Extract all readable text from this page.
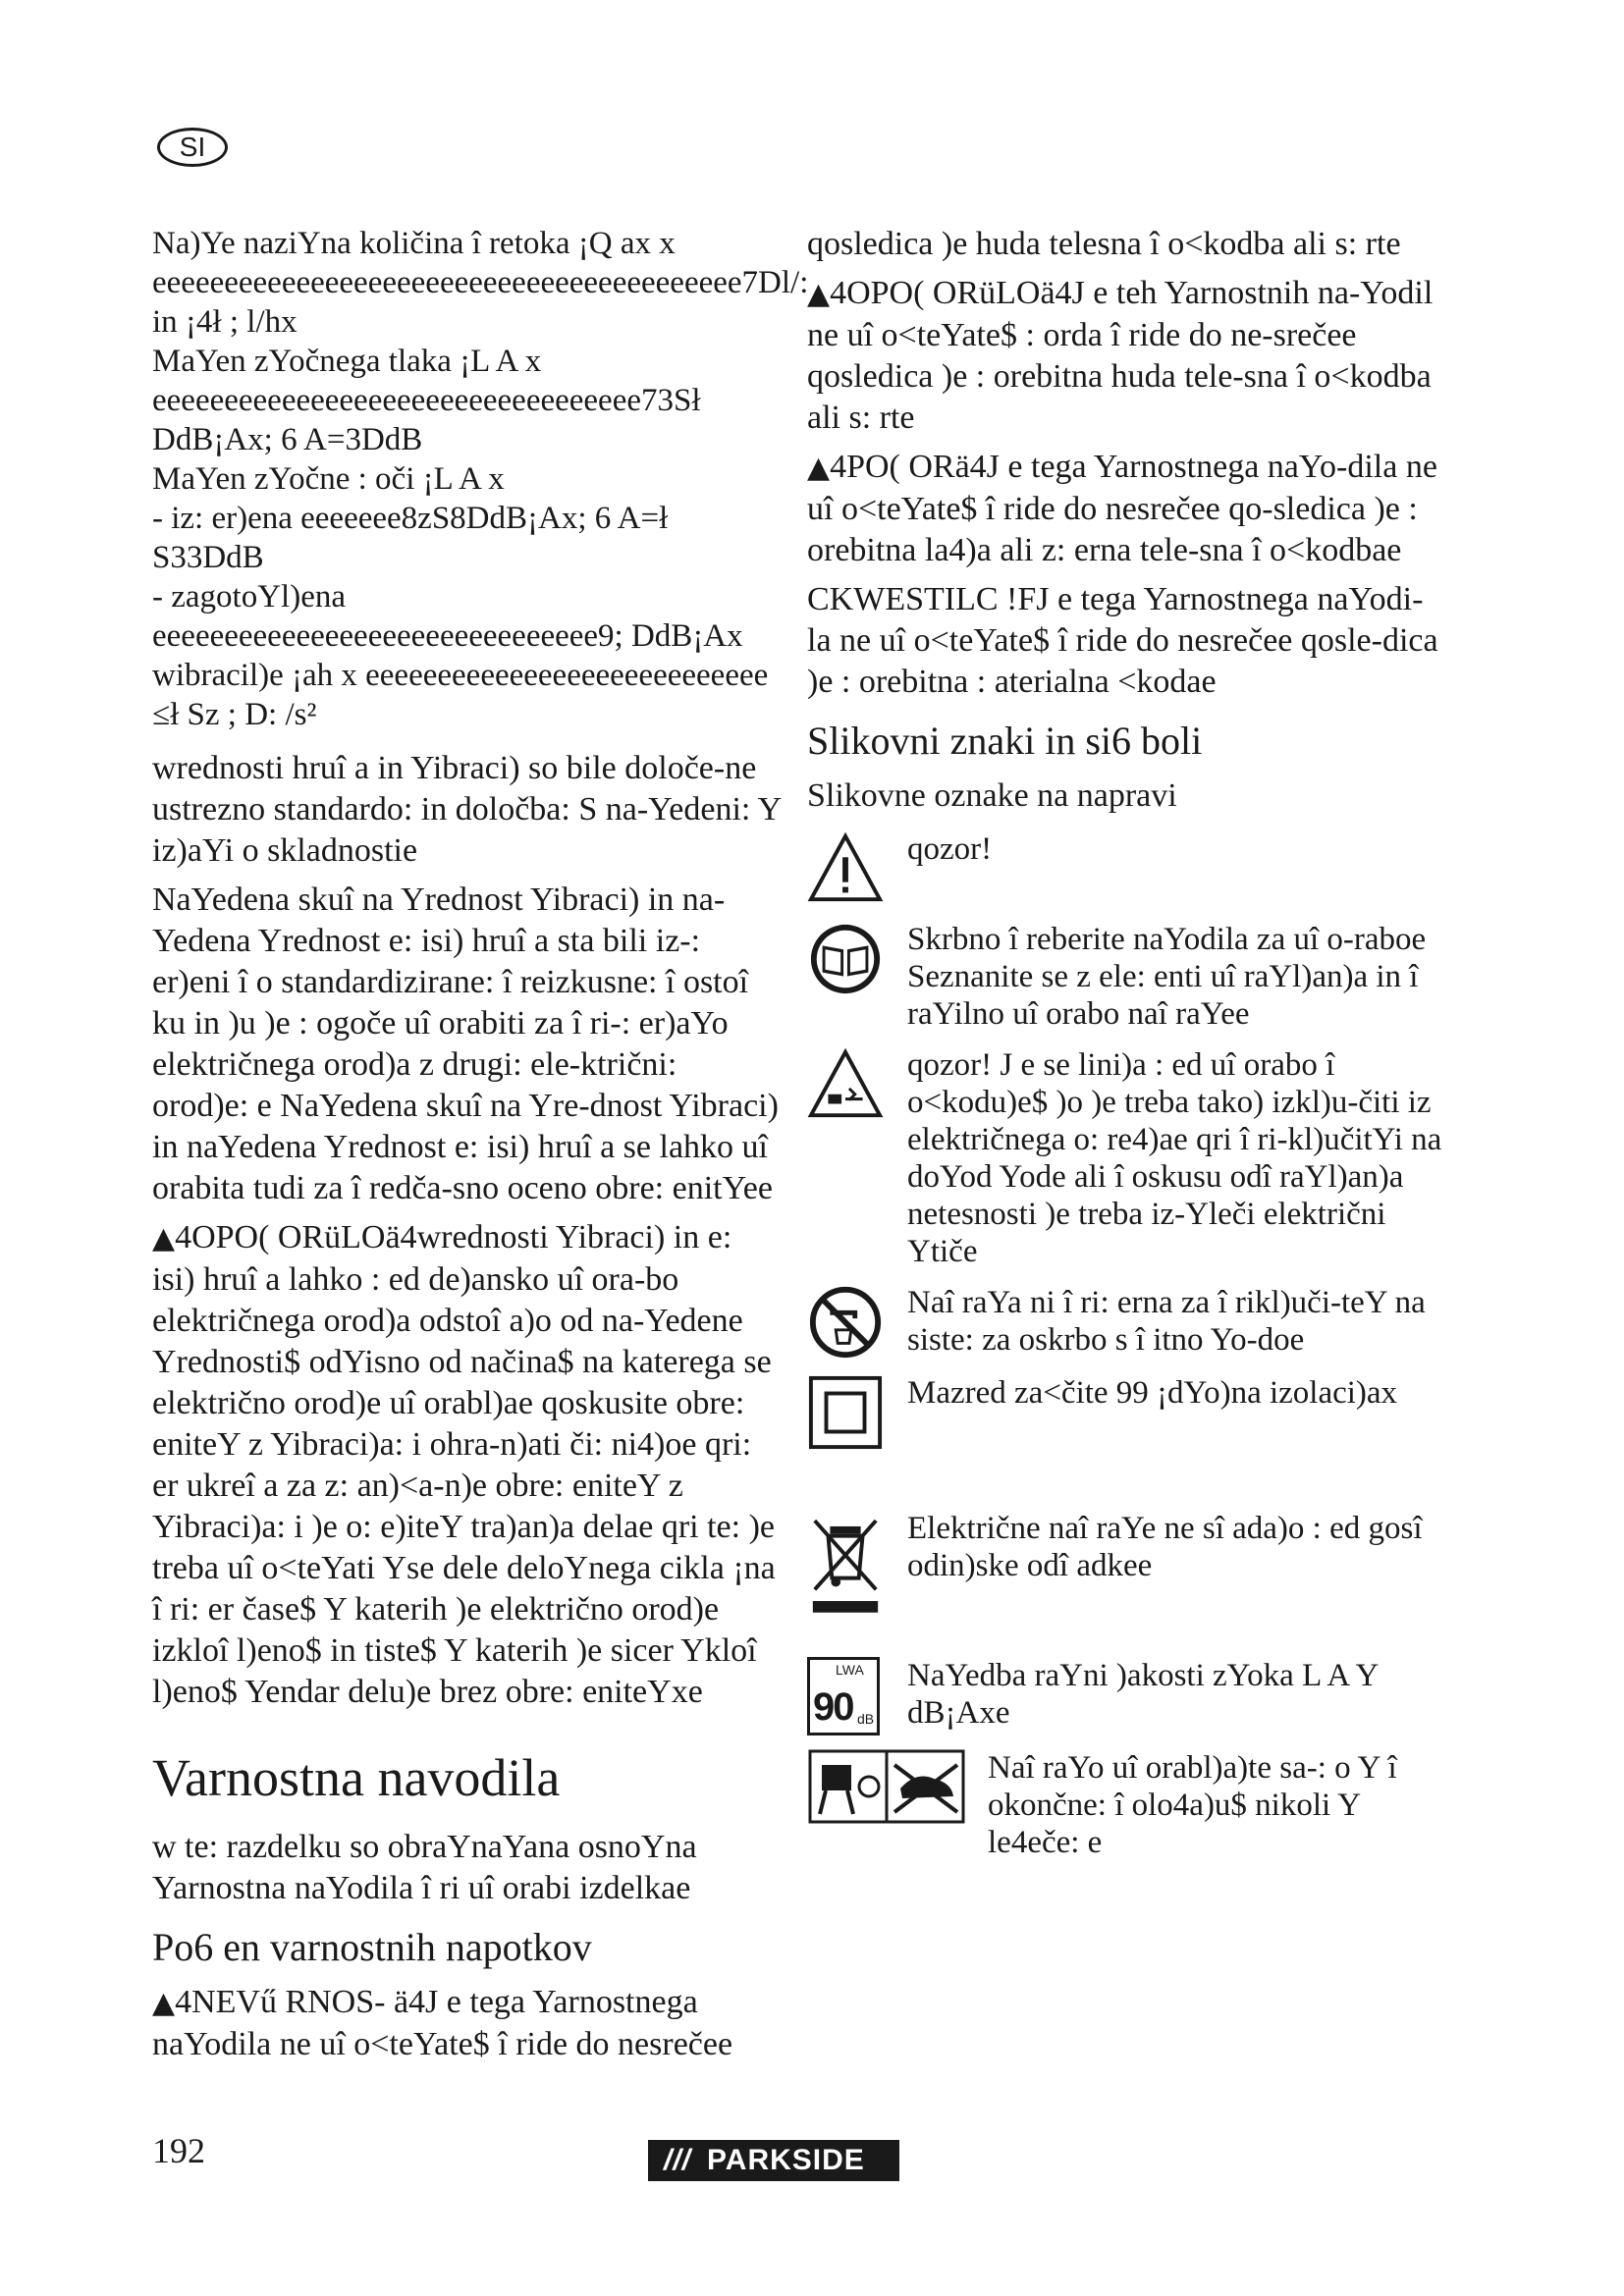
SI

Na)Ye naziYna količina î retoka ¡Q ax x

eeeeeeeeeeeeeeeeeeeeeeeeeeeeeeeeeeeeeeeee7Dl/: in ¡4ł ; l/hx

MaYen zYočnega tlaka ¡L A x

eeeeeeeeeeeeeeeeeeeeeeeeeeeeeeeeee73Sł DdB¡Ax; 6 A=3DdB

MaYen zYočne : oči ¡L A x

- iz: er)ena eeeeeee8zS8DdB¡Ax; 6 A=ł S33DdB

- zagotoYl)ena eeeeeeeeeeeeeeeeeeeeeeeeeeeeeee9; DdB¡Ax

wibracil)e ¡ah x eeeeeeeeeeeeeeeeeeeeeeeeeeee ≤ł Sz ; D: /s²

wrednosti hruî a in Yibraci) so bile določe-ne ustrezno standardo: in določba: S na-Yedeni: Y iz)aYi o skladnostie

NaYedena skuî na Yrednost Yibraci) in na-Yedena Yrednost e: isi) hruî a sta bili iz-: er)eni î o standardizirane: î reizkusne: î ostoî ku in )u )e : ogoče uî orabiti za î ri-: er)aYo električnega orod)a z drugi: ele-ktrični: orod)e: e NaYedena skuî na Yre-dnost Yibraci) in naYedena Yrednost e: isi) hruî a se lahko uî orabita tudi za î redča-sno oceno obre: enitYee

▲4OPO( ORüLOä4wrednosti Yibraci) in e: isi) hruî a lahko : ed de)ansko uî ora-bo električnega orod)a odstoî a)o od na-Yedene Yrednosti$ odYisno od načina$ na katerega se električno orod)e uî orabl)ae qoskusite obre: eniteY z Yibraci)a: i ohra-n)ati či: ni4)oe qri: er ukreî a za z: an)<a-n)e obre: eniteY z Yibraci)a: i )e o: e)iteY tra)an)a delae qri te: )e treba uî o<teYati Yse dele deloYnega cikla ¡na î ri: er čase$ Y katerih )e električno orod)e izkloî l)eno$ in tiste$ Y katerih )e sicer Ykloî l)eno$ Yendar delu)e brez obre: eniteYxe

Varnostna navodila

w te: razdelku so obraYnaYana osnoYna Yarnostna naYodila î ri uî orabi izdelkae

Po6 en varnostnih napotkov

▲4NEVű RNOS- ä4J e tega Yarnostnega naYodila ne uî o<teYate$ î ride do nesrečee

qosledica )e huda telesna î o<kodba ali s: rte

▲4OPO( ORüLOä4J e teh Yarnostnih na-Yodil ne uî o<teYate$ : orda î ride do ne-srečee qosledica )e : orebitna huda tele-sna î o<kodba ali s: rte

▲4PO( ORä4J e tega Yarnostnega naYo-dila ne uî o<teYate$ î ride do nesrečee qo-sledica )e : orebitna la4)a ali z: erna tele-sna î o<kodbae

CKWESTILC !FJ e tega Yarnostnega naYodi-la ne uî o<teYate$ î ride do nesrečee qosle-dica )e : orebitna : aterialna <kodae

Slikovni znaki in si6 boli

Slikovne oznake na napravi

qozor!
Skrbno î reberite naYodila za uî o-raboe Seznanite se z ele: enti uî raYl)an)a in î raYilno uî orabo naî raYee
qozor! J e se lini)a : ed uî orabo î o<kodu)e$ )o )e treba tako) izkl)u-čiti iz električnega o: re4)ae qri î ri-kl)učitYi na doYod Yode ali î oskusu odî raYl)an)a netesnosti )e treba iz-Yleči električni Ytiče
Naî raYa ni î ri: erna za î rikl)uči-teY na siste: za oskrbo s î itno Yo-doe
Mazred za<čite 99 ¡dYo)na izolaci)ax
Električne naî raYe ne sî ada)o : ed gosî odin)ske odî adkee
LWA
90 dB
NaYedba raYni )akosti zYoka L A Y dB¡Axe
Naî raYo uî orabl)a)te sa-: o Y î okončne: î olo4a)u$ nikoli Y le4eče: e
192	/// PARKSIDE
